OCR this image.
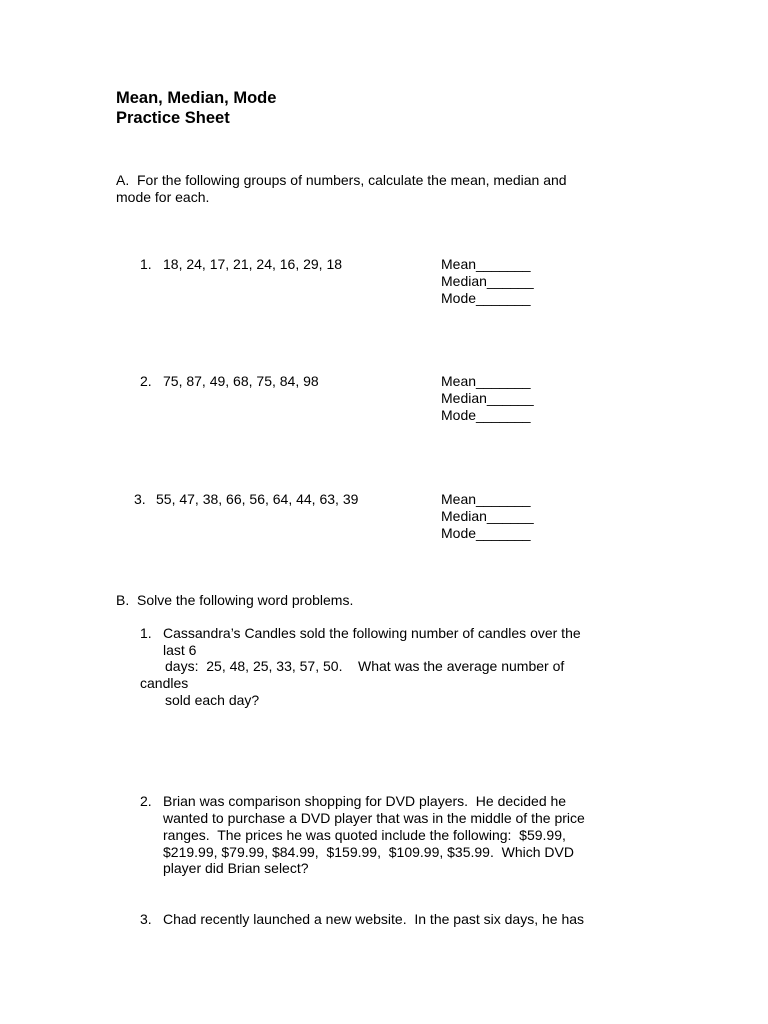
Mean, Median, Mode
Practice Sheet
A.  For the following groups of numbers, calculate the mean, median and
mode for each.
1. 18, 24, 17, 21, 24, 16, 29, 18	Mean_______
Median______
Mode_______
2. 75, 87, 49, 68, 75, 84, 98	Mean_______
Median______
Mode_______
3. 55, 47, 38, 66, 56, 64, 44, 63, 39	Mean_______
Median______
Mode_______
B.  Solve the following word problems.
1. Cassandra’s Candles sold the following number of candles over the
last 6
days:  25, 48, 25, 33, 57, 50.    What was the average number of
candles
sold each day?
2. Brian was comparison shopping for DVD players.  He decided he
wanted to purchase a DVD player that was in the middle of the price
ranges.  The prices he was quoted include the following:  $59.99,
$219.99, $79.99, $84.99,  $159.99,  $109.99, $35.99.  Which DVD
player did Brian select?
3. Chad recently launched a new website.  In the past six days, he has
